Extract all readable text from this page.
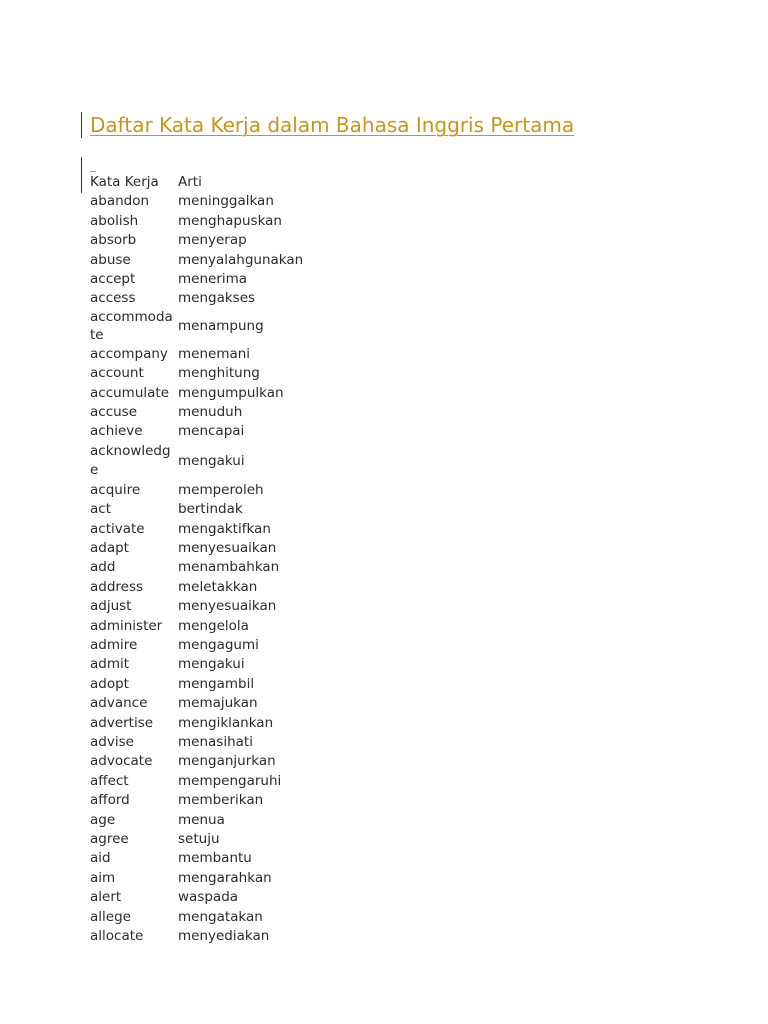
Daftar Kata Kerja dalam Bahasa Inggris Pertama
Kata Kerja	Arti
abandon	meninggalkan
abolish	menghapuskan
absorb	menyerap
abuse	menyalahgunakan
accept	menerima
access	mengakses
accommodate	menampung
accompany	menemani
account	menghitung
accumulate	mengumpulkan
accuse	menuduh
achieve	mencapai
acknowledge	mengakui
acquire	memperoleh
act	bertindak
activate	mengaktifkan
adapt	menyesuaikan
add	menambahkan
address	meletakkan
adjust	menyesuaikan
administer	mengelola
admire	mengagumi
admit	mengakui
adopt	mengambil
advance	memajukan
advertise	mengiklankan
advise	menasihati
advocate	menganjurkan
affect	mempengaruhi
afford	memberikan
age	menua
agree	setuju
aid	membantu
aim	mengarahkan
alert	waspada
allege	mengatakan
allocate	menyediakan
